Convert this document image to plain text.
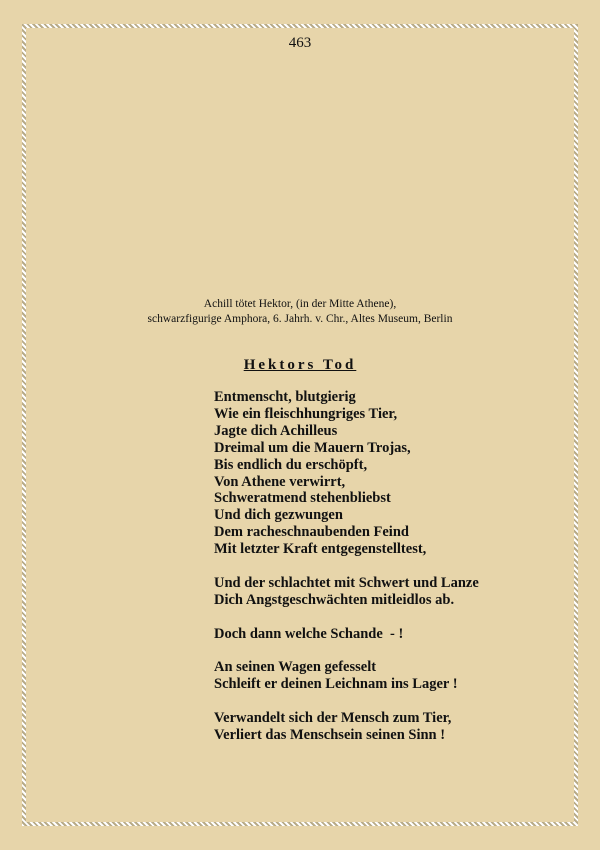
463
Achill tötet Hektor, (in der Mitte Athene),
schwarzfigurige Amphora, 6. Jahrh. v. Chr., Altes Museum, Berlin
Hektors Tod
Entmenscht, blutgierig
Wie ein fleischhungriges Tier,
Jagte dich Achilleus
Dreimal um die Mauern Trojas,
Bis endlich du erschöpft,
Von Athene verwirrt,
Schweratmend stehenbliebst
Und dich gezwungen
Dem racheschnaubenden Feind
Mit letzter Kraft entgegenstelltest,
Und der schlachtet mit Schwert und Lanze
Dich Angstgeschwächten mitleidlos ab.
Doch dann welche Schande  - !
An seinen Wagen gefesselt
Schleift er deinen Leichnam ins Lager !
Verwandelt sich der Mensch zum Tier,
Verliert das Menschsein seinen Sinn !
